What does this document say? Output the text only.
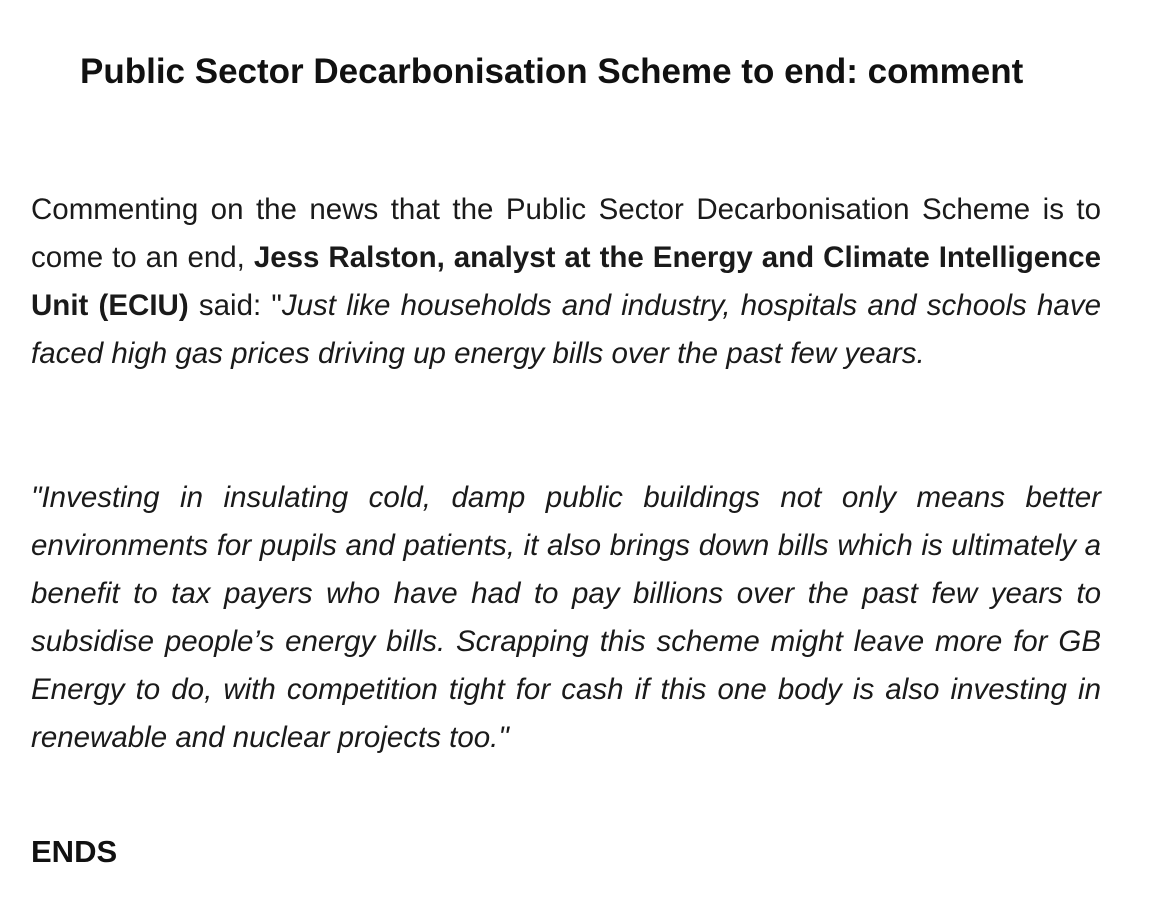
Public Sector Decarbonisation Scheme to end: comment

Commenting on the news that the Public Sector Decarbonisation Scheme is to come to an end, Jess Ralston, analyst at the Energy and Climate Intelligence Unit (ECIU) said: "Just like households and industry, hospitals and schools have faced high gas prices driving up energy bills over the past few years.

"Investing in insulating cold, damp public buildings not only means better environments for pupils and patients, it also brings down bills which is ultimately a benefit to tax payers who have had to pay billions over the past few years to subsidise people’s energy bills. Scrapping this scheme might leave more for GB Energy to do, with competition tight for cash if this one body is also investing in renewable and nuclear projects too."

ENDS
